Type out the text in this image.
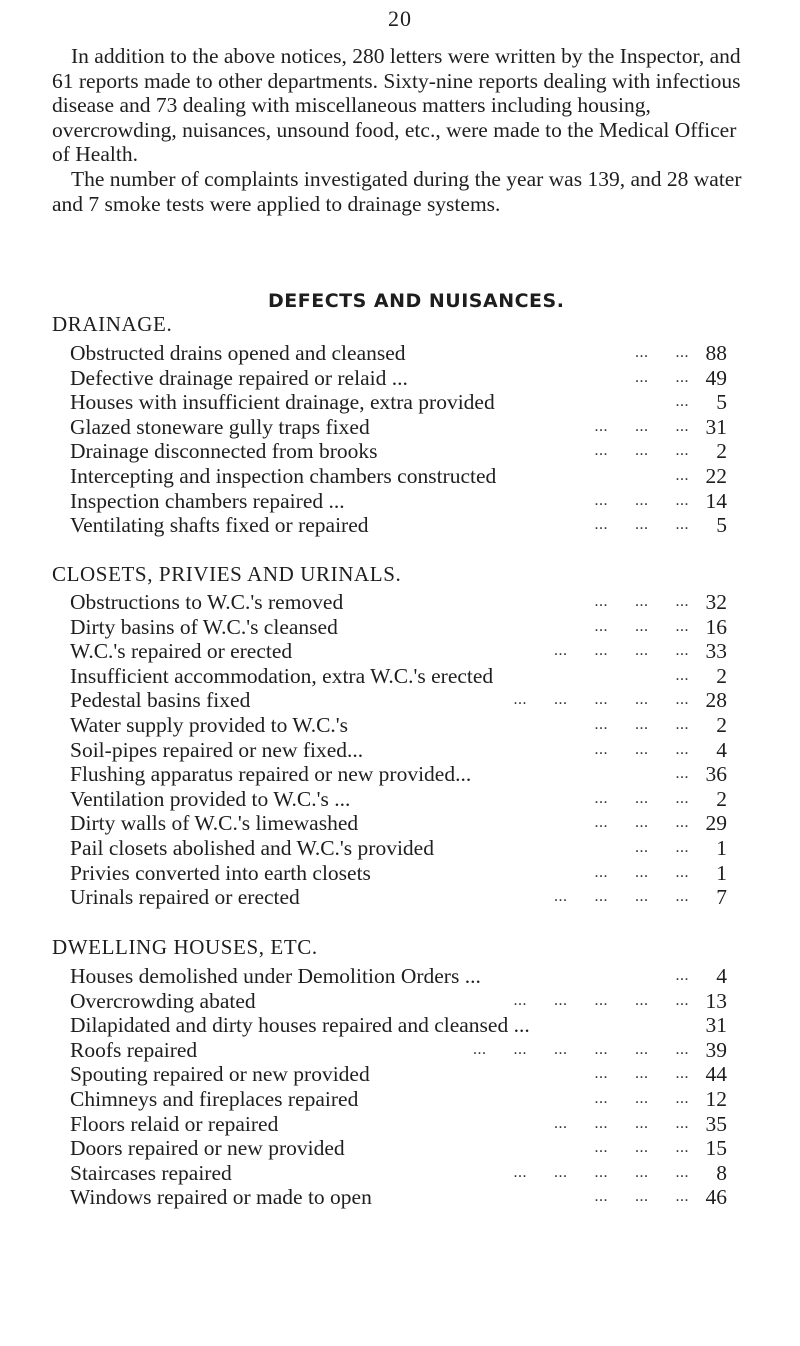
20

In addition to the above notices, 280 letters were written by the Inspector, and 61 reports made to other departments. Sixty-nine reports dealing with infectious disease and 73 dealing with miscellaneous matters including housing, overcrowding, nuisances, unsound food, etc., were made to the Medical Officer of Health.

The number of complaints investigated during the year was 139, and 28 water and 7 smoke tests were applied to drainage systems.

DEFECTS AND NUISANCES.
DRAINAGE.
Obstructed drains opened and cleansed	...      ... 88
Defective drainage repaired or relaid ...	...      ... 49
Houses with insufficient drainage, extra provided	... 5
Glazed stoneware gully traps fixed	...      ...      ... 31
Drainage disconnected from brooks	...      ...      ... 2
Intercepting and inspection chambers constructed	... 22
Inspection chambers repaired ...	...      ...      ... 14
Ventilating shafts fixed or repaired	...      ...      ... 5
CLOSETS, PRIVIES AND URINALS.
Obstructions to W.C.'s removed	...      ...      ... 32
Dirty basins of W.C.'s cleansed	...      ...      ... 16
W.C.'s repaired or erected	...      ...      ...      ... 33
Insufficient accommodation, extra W.C.'s erected	... 2
Pedestal basins fixed	...      ...      ...      ...      ... 28
Water supply provided to W.C.'s	...      ...      ... 2
Soil-pipes repaired or new fixed...	...      ...      ... 4
Flushing apparatus repaired or new provided...	... 36
Ventilation provided to W.C.'s ...	...      ...      ... 2
Dirty walls of W.C.'s limewashed	...      ...      ... 29
Pail closets abolished and W.C.'s provided	...      ... 1
Privies converted into earth closets	...      ...      ... 1
Urinals repaired or erected	...      ...      ...      ... 7
DWELLING HOUSES, ETC.
Houses demolished under Demolition Orders ...	... 4
Overcrowding abated	...      ...      ...      ...      ... 13
Dilapidated and dirty houses repaired and cleansed ...	31
Roofs repaired	...      ...      ...      ...      ...      ... 39
Spouting repaired or new provided	...      ...      ... 44
Chimneys and fireplaces repaired	...      ...      ... 12
Floors relaid or repaired	...      ...      ...      ... 35
Doors repaired or new provided	...      ...      ... 15
Staircases repaired	...      ...      ...      ...      ... 8
Windows repaired or made to open	...      ...      ... 46
